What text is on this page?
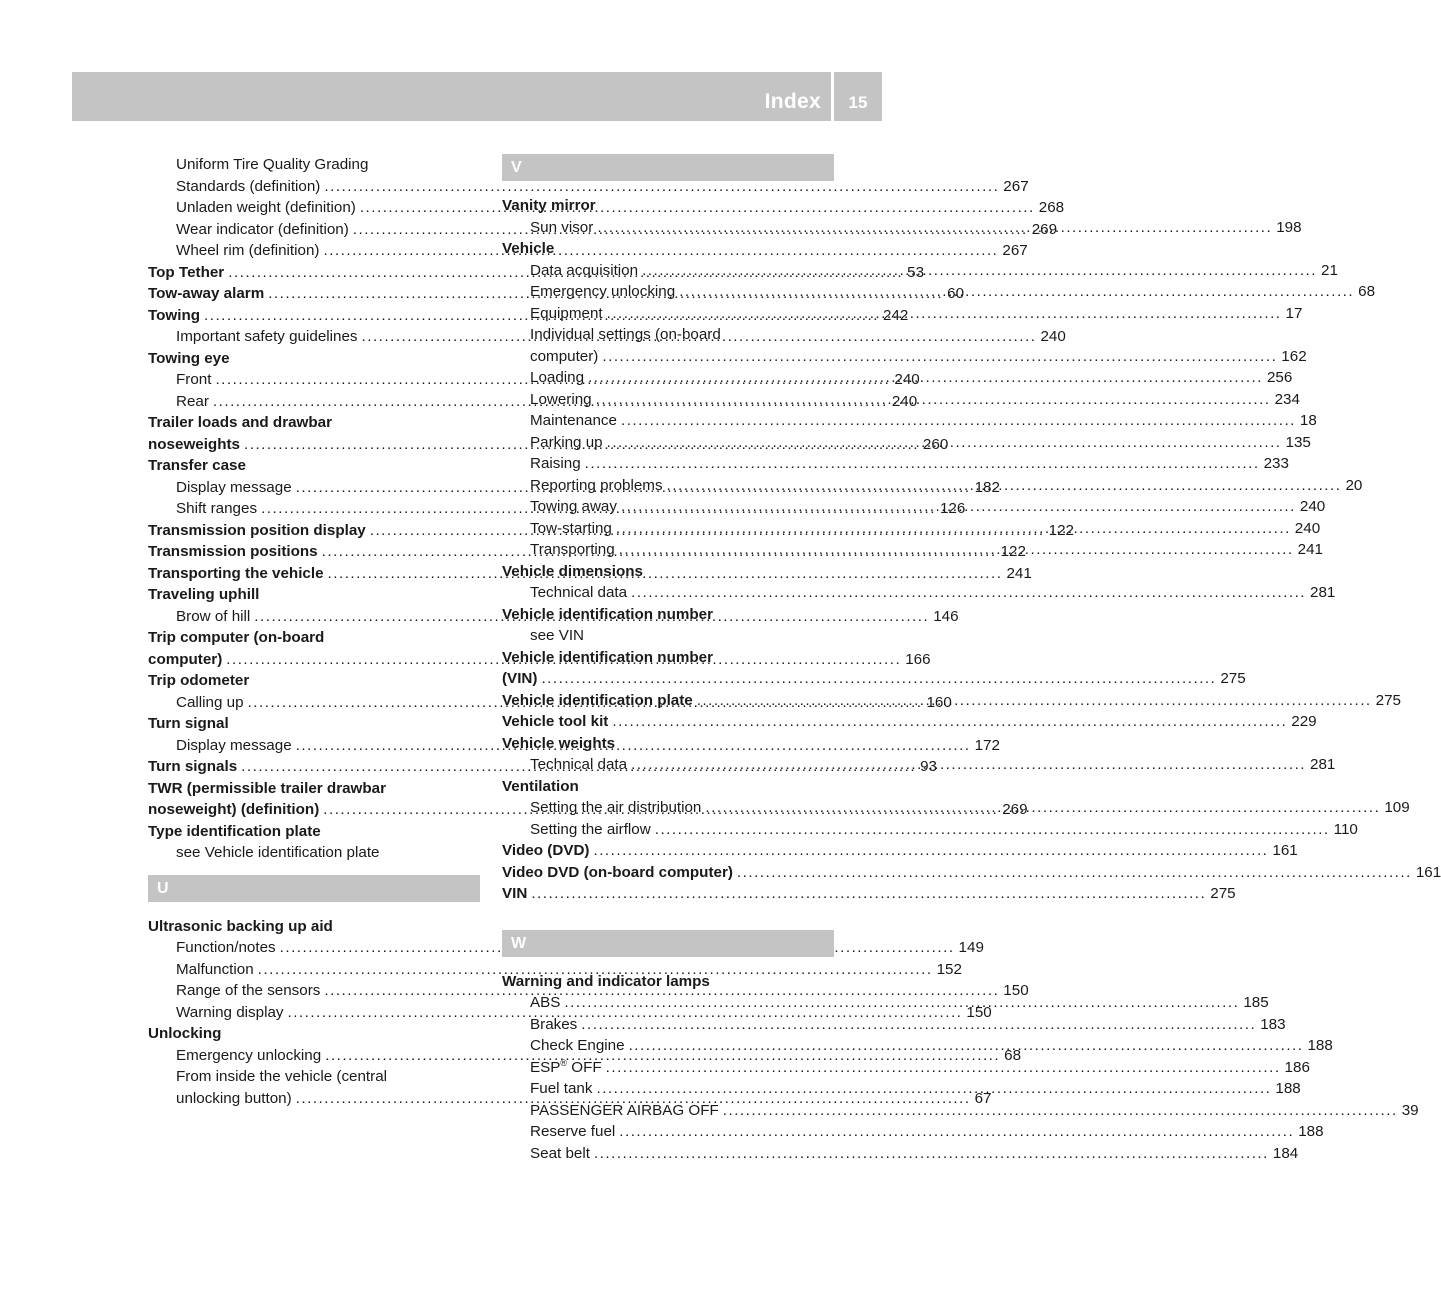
Index	15
Uniform Tire Quality Grading
Standards (definition) .....	267
Unladen weight (definition) .....	268
Wear indicator (definition) .....	269
Wheel rim (definition) .....	267
Top Tether .....	53
Tow-away alarm .....	60
Towing .....	242
Important safety guidelines .....	240
Towing eye
Front .....	240
Rear .....	240
Trailer loads and drawbar
noseweights .....	260
Transfer case
Display message .....	182
Shift ranges .....	126
Transmission position display .....	122
Transmission positions .....	122
Transporting the vehicle .....	241
Traveling uphill
Brow of hill .....	146
Trip computer (on-board
computer) .....	166
Trip odometer
Calling up .....	160
Turn signal
Display message .....	172
Turn signals .....	93
TWR (permissible trailer drawbar
noseweight) (definition) .....	269
Type identification plate
see Vehicle identification plate
U
Ultrasonic backing up aid
Function/notes .....	149
Malfunction .....	152
Range of the sensors .....	150
Warning display .....	150
Unlocking
Emergency unlocking .....	68
From inside the vehicle (central
unlocking button) .....	67
V
Vanity mirror
Sun visor .....	198
Vehicle
Data acquisition .....	21
Emergency unlocking .....	68
Equipment .....	17
Individual settings (on-board
computer) .....	162
Loading .....	256
Lowering .....	234
Maintenance .....	18
Parking up .....	135
Raising .....	233
Reporting problems .....	20
Towing away .....	240
Tow-starting .....	240
Transporting .....	241
Vehicle dimensions
Technical data .....	281
Vehicle identification number
see VIN
Vehicle identification number
(VIN) .....	275
Vehicle identification plate .....	275
Vehicle tool kit .....	229
Vehicle weights
Technical data .....	281
Ventilation
Setting the air distribution .....	109
Setting the airflow .....	110
Video (DVD) .....	161
Video DVD (on-board computer) .....	161
VIN .....	275
W
Warning and indicator lamps
ABS .....	185
Brakes .....	183
Check Engine .....	188
ESP® OFF .....	186
Fuel tank .....	188
PASSENGER AIRBAG OFF .....	39
Reserve fuel .....	188
Seat belt .....	184
